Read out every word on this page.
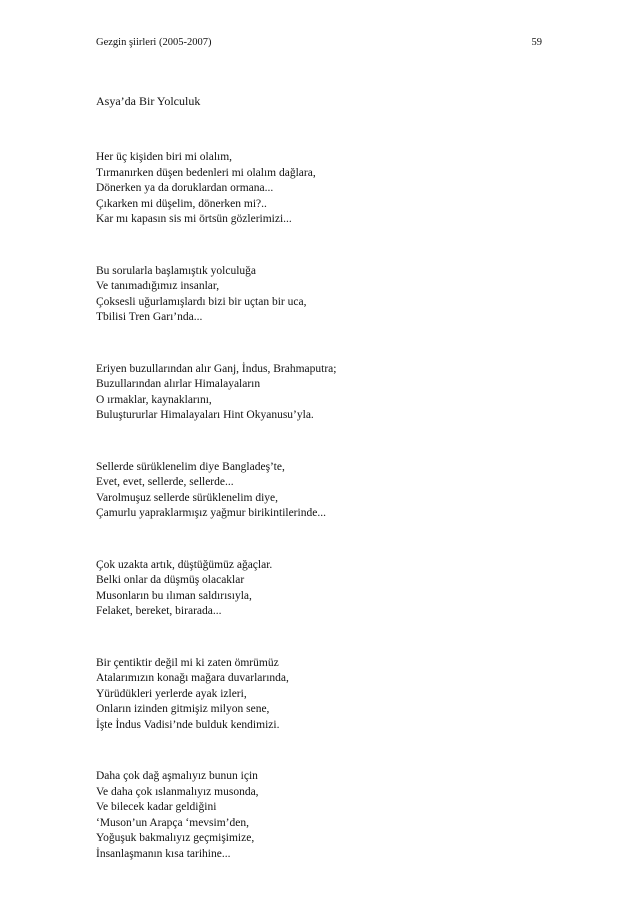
Gezgin şiirleri (2005-2007)	59
Asya’da Bir Yolculuk
Her üç kişiden biri mi olalım,
Tırmanırken düşen bedenleri mi olalım dağlara,
Dönerken ya da doruklardan ormana...
Çıkarken mi düşelim, dönerken mi?..
Kar mı kapasın sis mi örtsün gözlerimizi...
Bu sorularla başlamıştık yolculuğa
Ve tanımadığımız insanlar,
Çoksesli uğurlamışlardı bizi bir uçtan bir uca,
Tbilisi Tren Garı’nda...
Eriyen buzullarından alır Ganj, İndus, Brahmaputra;
Buzullarından alırlar Himalayaların
O ırmaklar, kaynaklarını,
Buluştururlar Himalayaları Hint Okyanusu’yla.
Sellerde sürüklenelim diye Bangladeş’te,
Evet, evet, sellerde, sellerde...
Varolmuşuz sellerde sürüklenelim diye,
Çamurlu yapraklarmışız yağmur birikintilerinde...
Çok uzakta artık, düştüğümüz ağaçlar.
Belki onlar da düşmüş olacaklar
Musonların bu ılıman saldırısıyla,
Felaket, bereket, birarada...
Bir çentiktir değil mi ki zaten ömrümüz
Atalarımızın konağı mağara duvarlarında,
Yürüdükleri yerlerde ayak izleri,
Onların izinden gitmişiz milyon sene,
İşte İndus Vadisi’nde bulduk kendimizi.
Daha çok dağ aşmalıyız bunun için
Ve daha çok ıslanmalıyız musonda,
Ve bilecek kadar geldiğini
‘Muson’un Arapça ‘mevsim’den,
Yoğuşuk bakmalıyız geçmişimize,
İnsanlaşmanın kısa tarihine...
